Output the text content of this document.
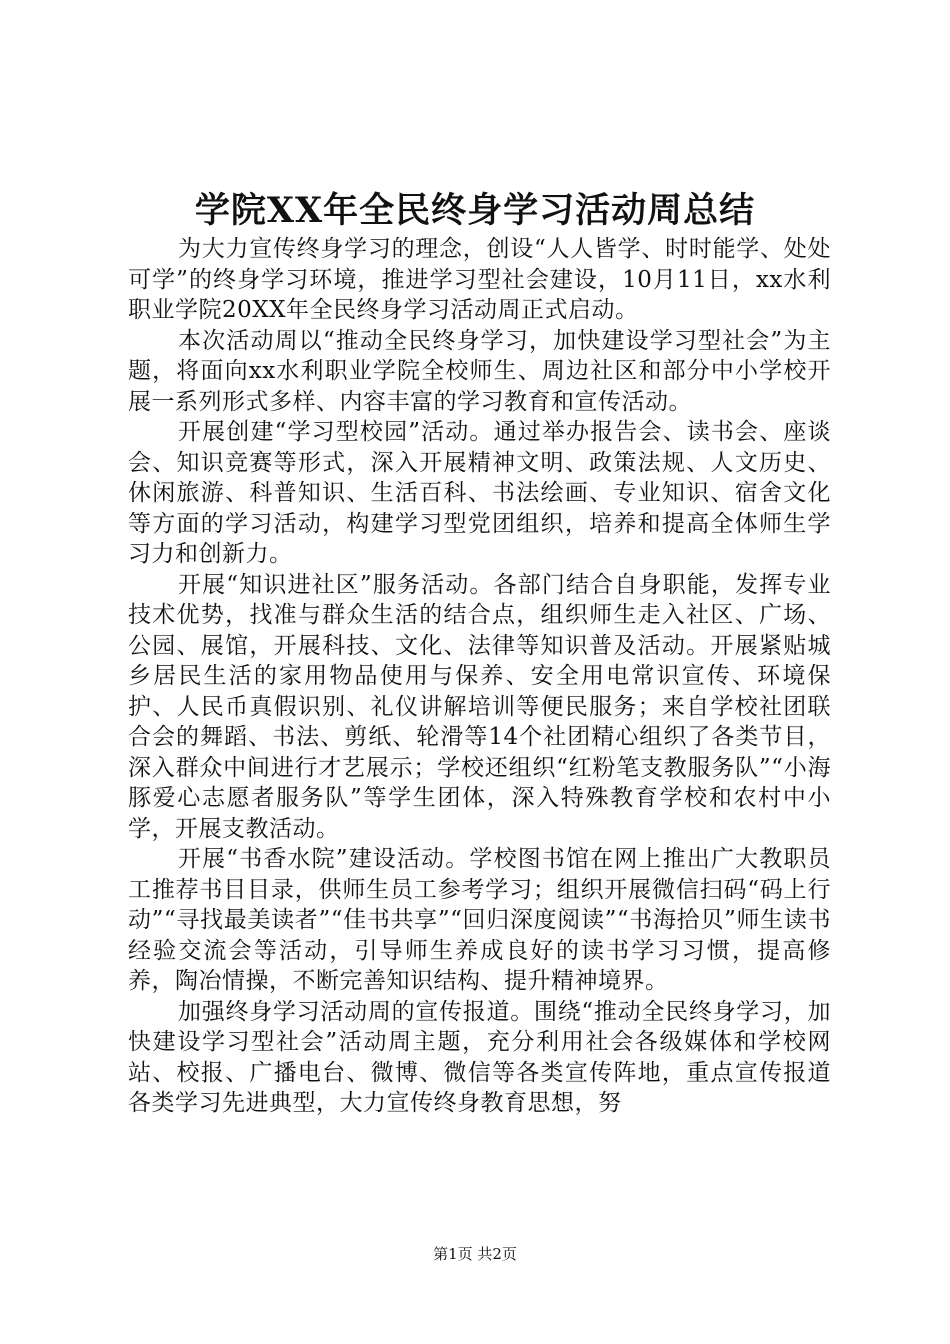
学院XX年全民终身学习活动周总结

为大力宣传终身学习的理念，创设“人人皆学、时时能学、处处可学”的终身学习环境，推进学习型社会建设，10月11日，xx水利职业学院20XX年全民终身学习活动周正式启动。

本次活动周以“推动全民终身学习，加快建设学习型社会”为主题，将面向xx水利职业学院全校师生、周边社区和部分中小学校开展一系列形式多样、内容丰富的学习教育和宣传活动。

开展创建“学习型校园”活动。通过举办报告会、读书会、座谈会、知识竞赛等形式，深入开展精神文明、政策法规、人文历史、休闲旅游、科普知识、生活百科、书法绘画、专业知识、宿舍文化等方面的学习活动，构建学习型党团组织，培养和提高全体师生学习力和创新力。

开展“知识进社区”服务活动。各部门结合自身职能，发挥专业技术优势，找准与群众生活的结合点，组织师生走入社区、广场、公园、展馆，开展科技、文化、法律等知识普及活动。开展紧贴城乡居民生活的家用物品使用与保养、安全用电常识宣传、环境保护、人民币真假识别、礼仪讲解培训等便民服务；来自学校社团联合会的舞蹈、书法、剪纸、轮滑等14个社团精心组织了各类节目，深入群众中间进行才艺展示；学校还组织“红粉笔支教服务队”“小海豚爱心志愿者服务队”等学生团体，深入特殊教育学校和农村中小学，开展支教活动。

开展“书香水院”建设活动。学校图书馆在网上推出广大教职员工推荐书目目录，供师生员工参考学习；组织开展微信扫码“码上行动”“寻找最美读者”“佳书共享”“回归深度阅读”“书海拾贝”师生读书经验交流会等活动，引导师生养成良好的读书学习习惯，提高修养，陶冶情操，不断完善知识结构、提升精神境界。

加强终身学习活动周的宣传报道。围绕“推动全民终身学习，加快建设学习型社会”活动周主题，充分利用社会各级媒体和学校网站、校报、广播电台、微博、微信等各类宣传阵地，重点宣传报道各类学习先进典型，大力宣传终身教育思想，努

第1页 共2页
